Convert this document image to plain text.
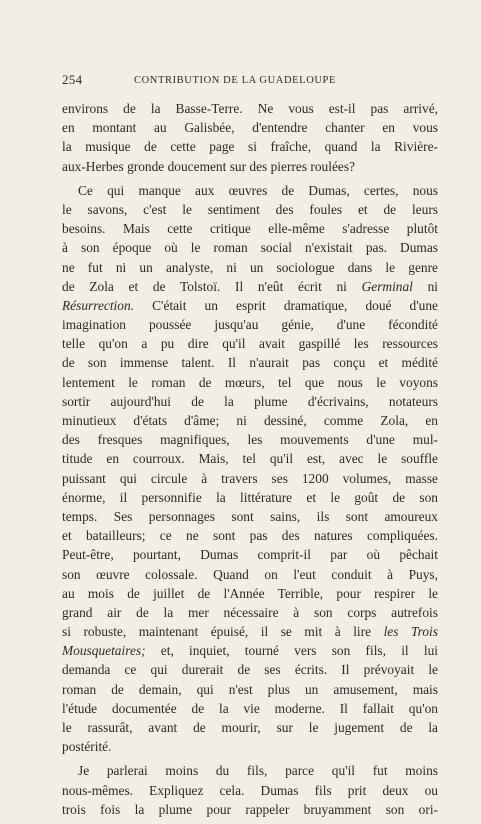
254	CONTRIBUTION DE LA GUADELOUPE
environs de la Basse-Terre. Ne vous est-il pas arrivé,
en montant au Galisbée, d'entendre chanter en vous
la musique de cette page si fraîche, quand la Rivière-
aux-Herbes gronde doucement sur des pierres roulées?
Ce qui manque aux œuvres de Dumas, certes, nous
le savons, c'est le sentiment des foules et de leurs
besoins. Mais cette critique elle-même s'adresse plutôt
à son époque où le roman social n'existait pas. Dumas
ne fut ni un analyste, ni un sociologue dans le genre
de Zola et de Tolstoï. Il n'eût écrit ni Germinal ni
Résurrection. C'était un esprit dramatique, doué d'une
imagination poussée jusqu'au génie, d'une fécondité
telle qu'on a pu dire qu'il avait gaspillé les ressources
de son immense talent. Il n'aurait pas conçu et médité
lentement le roman de mœurs, tel que nous le voyons
sortir aujourd'hui de la plume d'écrivains, notateurs
minutieux d'états d'âme; ni dessiné, comme Zola, en
des fresques magnifiques, les mouvements d'une mul-
titude en courroux. Mais, tel qu'il est, avec le souffle
puissant qui circule à travers ses 1200 volumes, masse
énorme, il personnifie la littérature et le goût de son
temps. Ses personnages sont sains, ils sont amoureux
et batailleurs; ce ne sont pas des natures compliquées.
Peut-être, pourtant, Dumas comprit-il par où pêchait
son œuvre colossale. Quand on l'eut conduit à Puys,
au mois de juillet de l'Année Terrible, pour respirer le
grand air de la mer nécessaire à son corps autrefois
si robuste, maintenant épuisé, il se mit à lire les Trois
Mousquetaires; et, inquiet, tourné vers son fils, il lui
demanda ce qui durerait de ses écrits. Il prévoyait le
roman de demain, qui n'est plus un amusement, mais
l'étude documentée de la vie moderne. Il fallait qu'on
le rassurât, avant de mourir, sur le jugement de la
postérité.
Je parlerai moins du fils, parce qu'il fut moins
nous-mêmes. Expliquez cela. Dumas fils prit deux ou
trois fois la plume pour rappeler bruyamment son ori-
